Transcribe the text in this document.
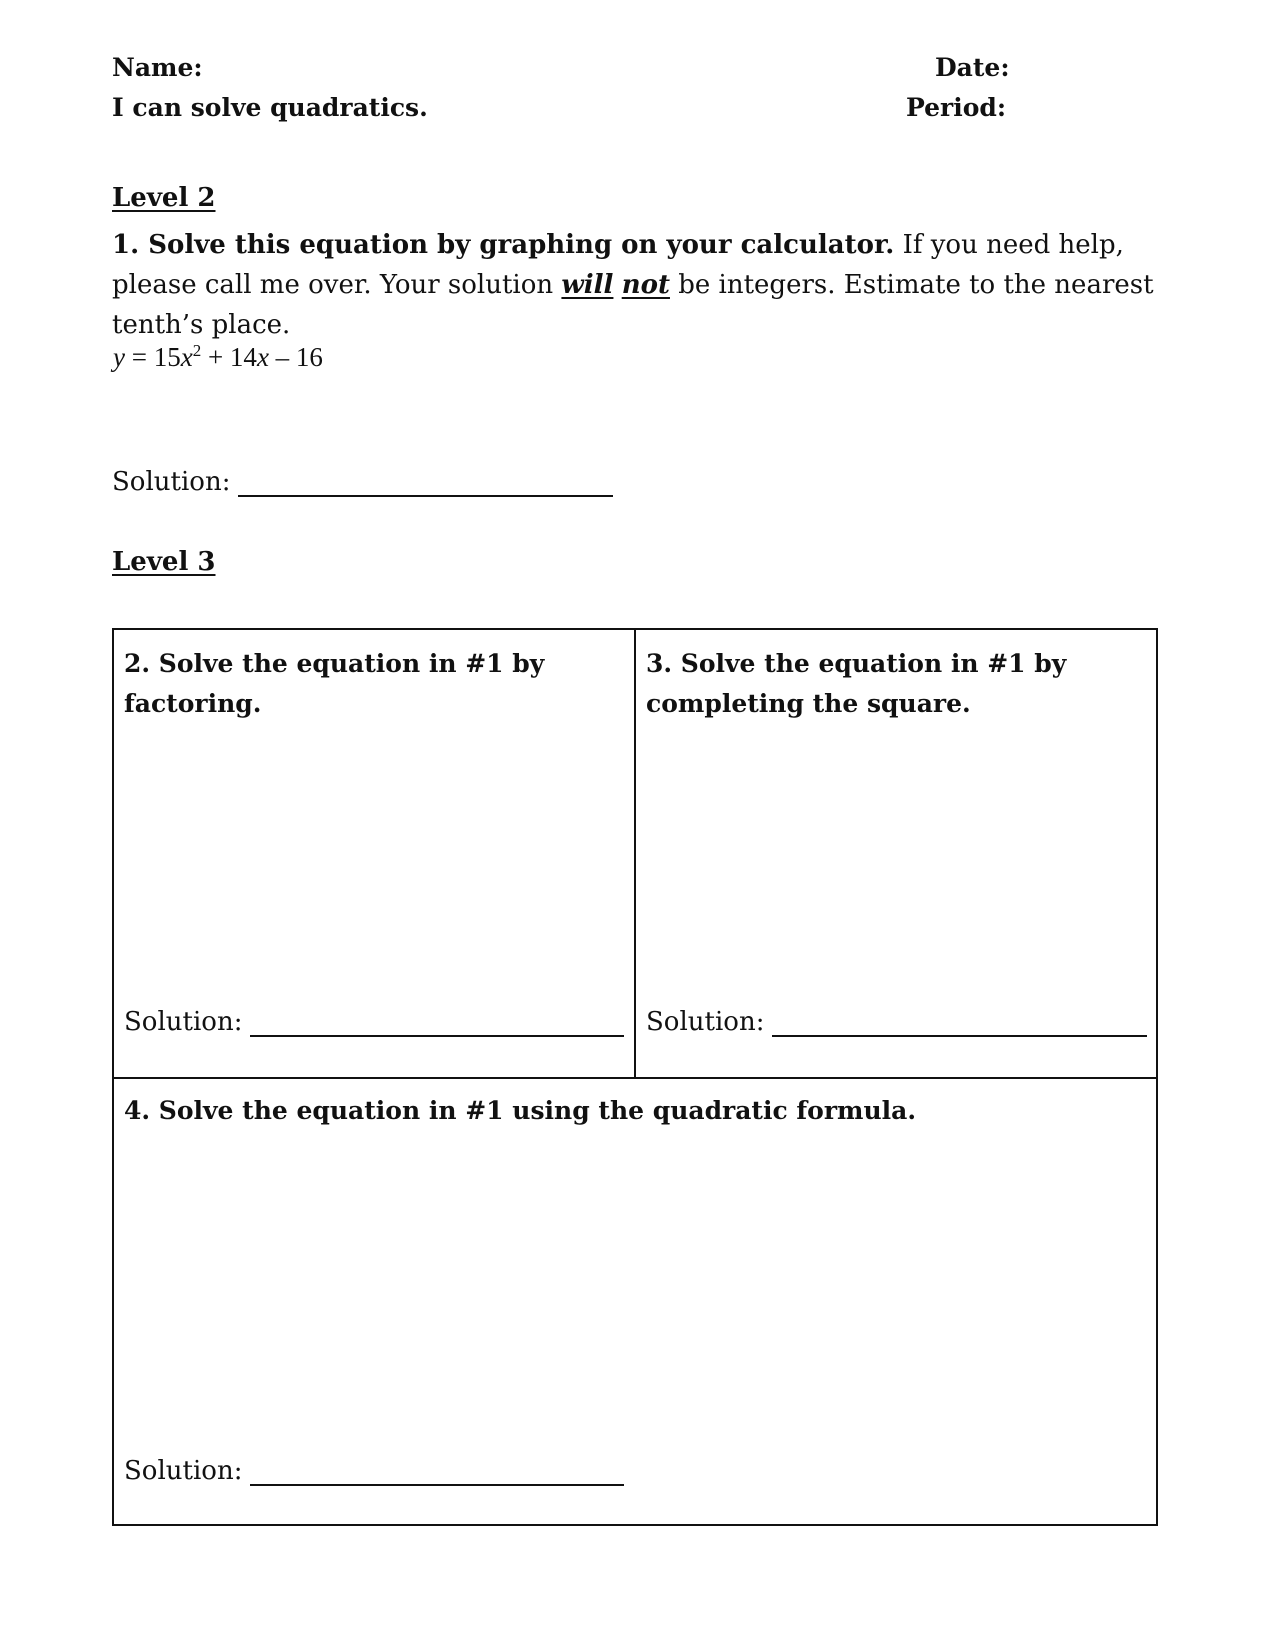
Name:	Date:
I can solve quadratics.	Period:
Level 2
1. Solve this equation by graphing on your calculator. If you need help, please call me over. Your solution will not be integers. Estimate to the nearest tenth’s place.
$y = 15x^2 + 14x - 16$
Solution:
Level 3
2. Solve the equation in #1 by
factoring.
Solution:
3. Solve the equation in #1 by
completing the square.
Solution:
4. Solve the equation in #1 using the quadratic formula.
Solution:
